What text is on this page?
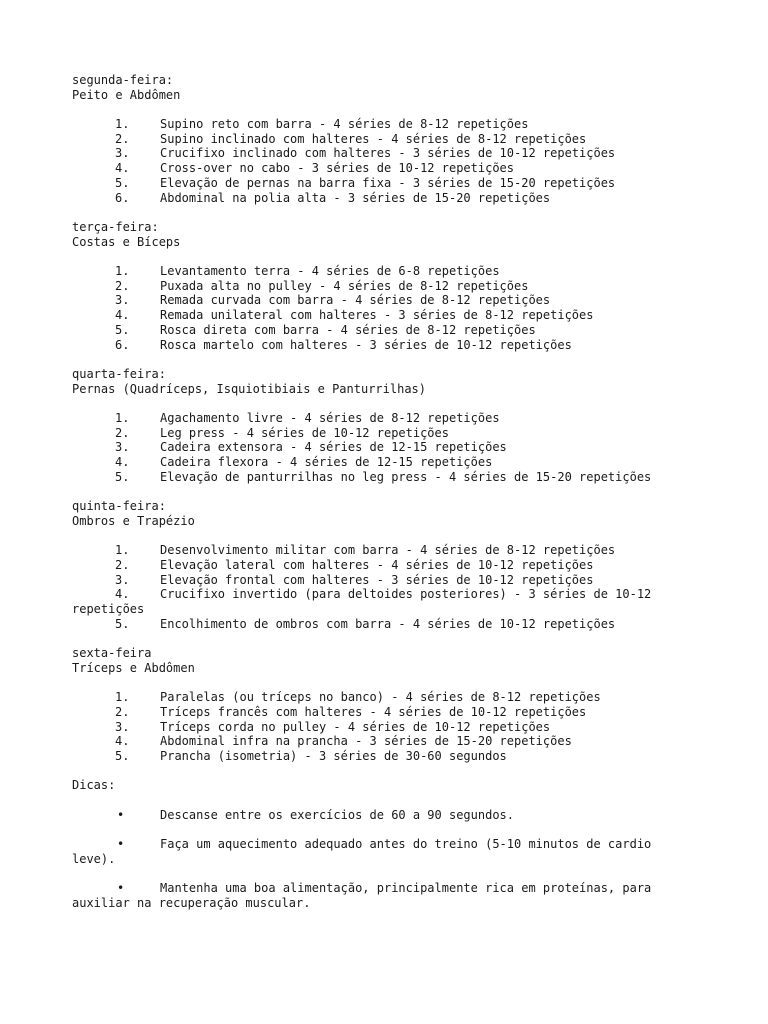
segunda-feira:
Peito e Abdômen
1.	Supino reto com barra - 4 séries de 8-12 repetições
2.	Supino inclinado com halteres - 4 séries de 8-12 repetições
3.	Crucifixo inclinado com halteres - 3 séries de 10-12 repetições
4.	Cross-over no cabo - 3 séries de 10-12 repetições
5.	Elevação de pernas na barra fixa - 3 séries de 15-20 repetições
6.	Abdominal na polia alta - 3 séries de 15-20 repetições
terça-feira:
Costas e Bíceps
1.	Levantamento terra - 4 séries de 6-8 repetições
2.	Puxada alta no pulley - 4 séries de 8-12 repetições
3.	Remada curvada com barra - 4 séries de 8-12 repetições
4.	Remada unilateral com halteres - 3 séries de 8-12 repetições
5.	Rosca direta com barra - 4 séries de 8-12 repetições
6.	Rosca martelo com halteres - 3 séries de 10-12 repetições
quarta-feira:
Pernas (Quadríceps, Isquiotibiais e Panturrilhas)
1.	Agachamento livre - 4 séries de 8-12 repetições
2.	Leg press - 4 séries de 10-12 repetições
3.	Cadeira extensora - 4 séries de 12-15 repetições
4.	Cadeira flexora - 4 séries de 12-15 repetições
5.	Elevação de panturrilhas no leg press - 4 séries de 15-20 repetições
quinta-feira:
Ombros e Trapézio
1.	Desenvolvimento militar com barra - 4 séries de 8-12 repetições
2.	Elevação lateral com halteres - 4 séries de 10-12 repetições
3.	Elevação frontal com halteres - 3 séries de 10-12 repetições
4.	Crucifixo invertido (para deltoides posteriores) - 3 séries de 10-12 repetições
5.	Encolhimento de ombros com barra - 4 séries de 10-12 repetições
sexta-feira
Tríceps e Abdômen
1.	Paralelas (ou tríceps no banco) - 4 séries de 8-12 repetições
2.	Tríceps francês com halteres - 4 séries de 10-12 repetições
3.	Tríceps corda no pulley - 4 séries de 10-12 repetições
4.	Abdominal infra na prancha - 3 séries de 15-20 repetições
5.	Prancha (isometria) - 3 séries de 30-60 segundos
Dicas:
•	Descanse entre os exercícios de 60 a 90 segundos.
•	Faça um aquecimento adequado antes do treino (5-10 minutos de cardio leve).
•	Mantenha uma boa alimentação, principalmente rica em proteínas, para auxiliar na recuperação muscular.
